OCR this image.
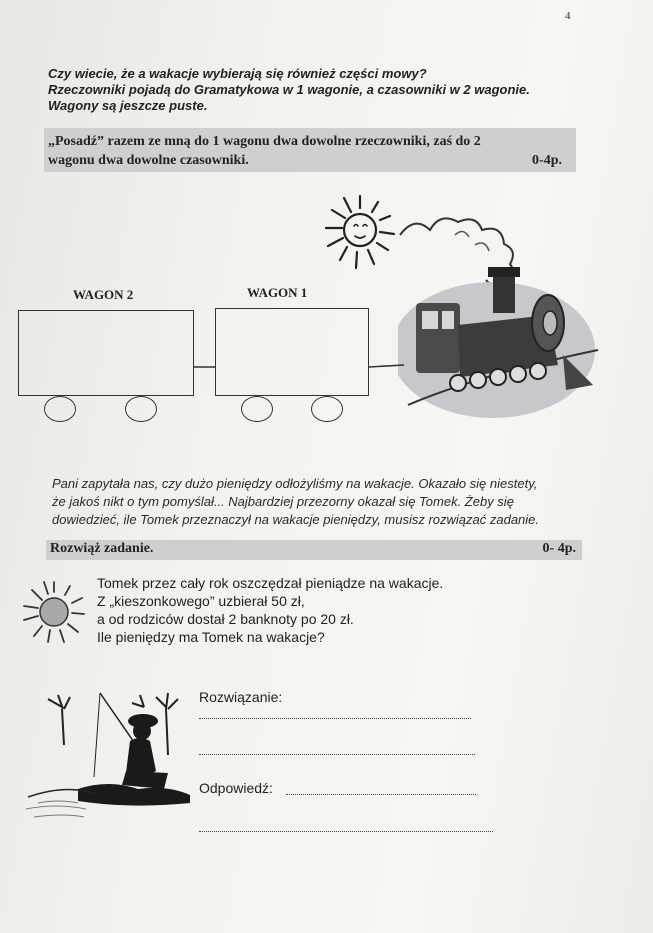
4
Czy wiecie, że a wakacje wybierają się również części mowy?
Rzeczowniki pojadą do Gramatykowa w 1 wagonie, a czasowniki w 2 wagonie.
Wagony są jeszcze puste.
„Posadź” razem ze mną do 1 wagonu dwa dowolne rzeczowniki, zaś do 2
wagonu dwa dowolne czasowniki.	0-4p.
WAGON 2	WAGON 1
Pani zapytała nas, czy dużo pieniędzy odłożyliśmy na wakacje. Okazało się niestety,
że jakoś nikt o tym pomyślał... Najbardziej przezorny okazał się Tomek. Żeby się
dowiedzieć, ile Tomek przeznaczył na wakacje pieniędzy, musisz rozwiązać zadanie.
Rozwiąż zadanie.	0- 4p.
Tomek przez cały rok oszczędzał pieniądze na wakacje.
Z „kieszonkowego” uzbierał 50 zł,
a od rodziców dostał 2 banknoty po 20 zł.
Ile pieniędzy ma Tomek na wakacje?
Rozwiązanie:
Odpowiedź:
